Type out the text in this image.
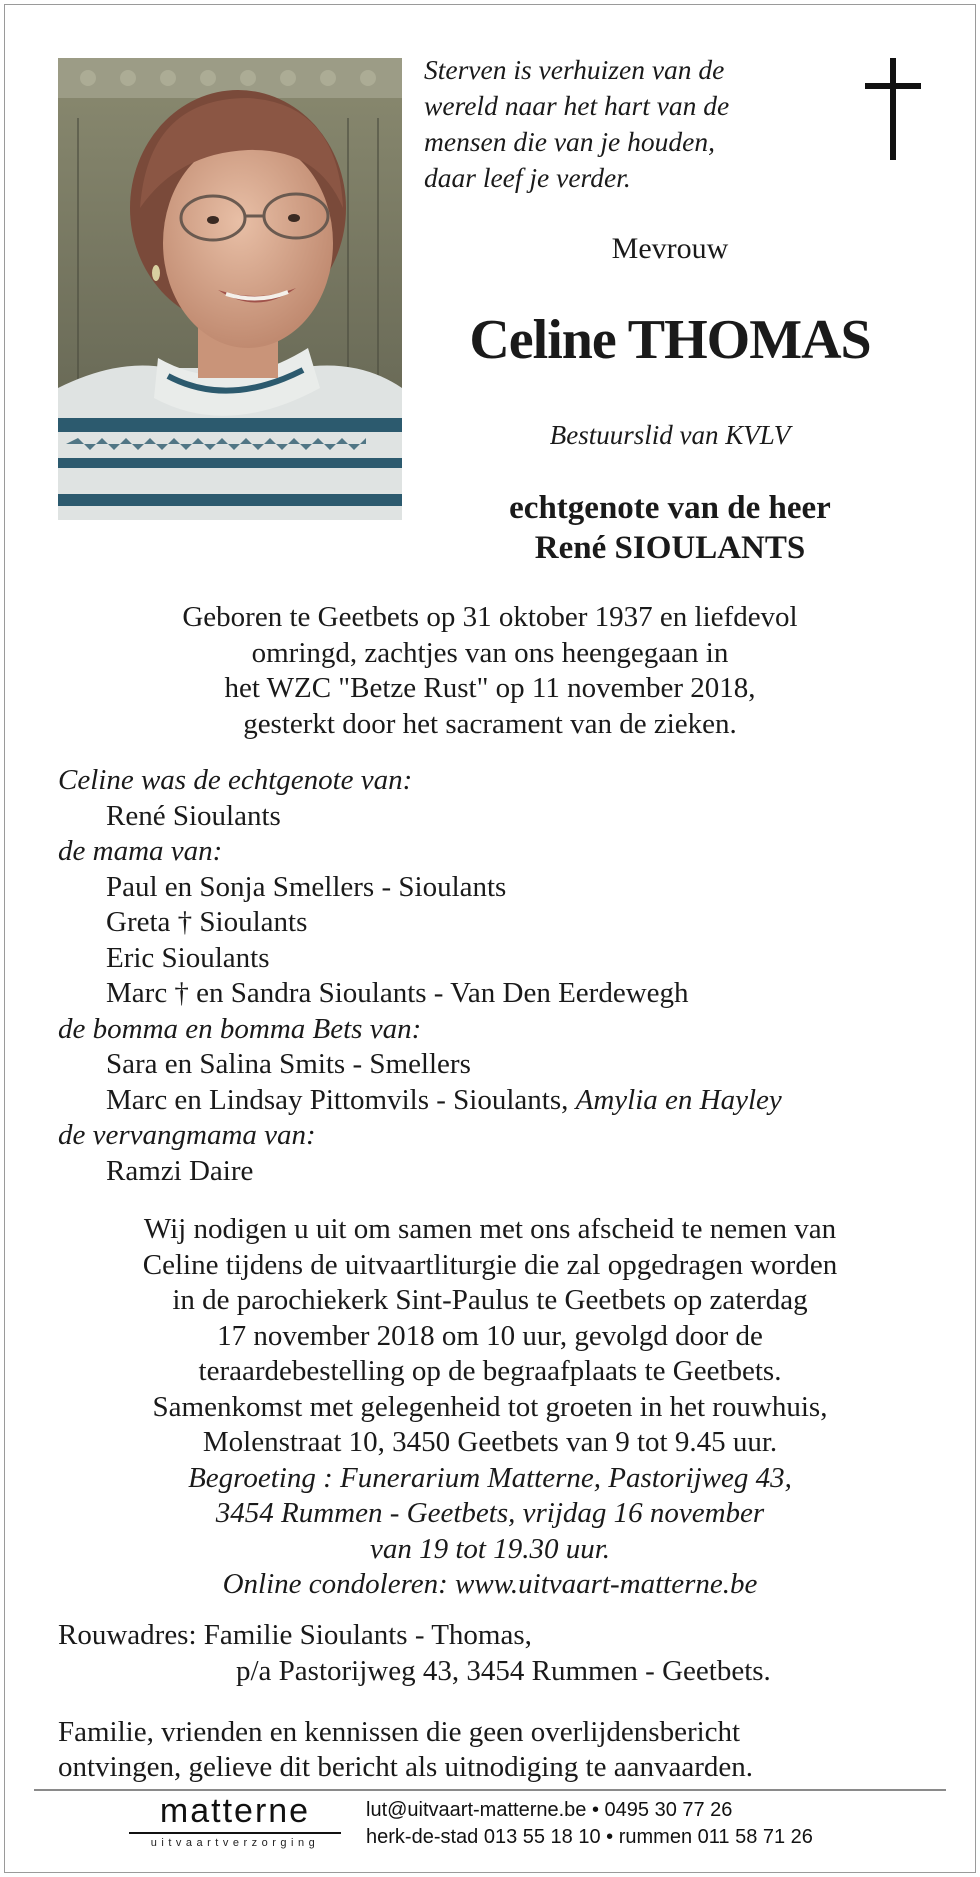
Sterven is verhuizen van de
wereld naar het hart van de
mensen die van je houden,
daar leef je verder.
Mevrouw
Celine THOMAS
Bestuurslid van KVLV
echtgenote van de heer
René SIOULANTS
Geboren te Geetbets op 31 oktober 1937 en liefdevol
omringd, zachtjes van ons heengegaan in
het WZC "Betze Rust" op 11 november 2018,
gesterkt door het sacrament van de zieken.
Celine was de echtgenote van:
René Sioulants
de mama van:
Paul en Sonja Smellers - Sioulants
Greta † Sioulants
Eric Sioulants
Marc † en Sandra Sioulants - Van Den Eerdewegh
de bomma en bomma Bets van:
Sara en Salina Smits - Smellers
Marc en Lindsay Pittomvils - Sioulants, Amylia en Hayley
de vervangmama van:
Ramzi Daire
Wij nodigen u uit om samen met ons afscheid te nemen van
Celine tijdens de uitvaartliturgie die zal opgedragen worden
in de parochiekerk Sint-Paulus te Geetbets op zaterdag
17 november 2018 om 10 uur, gevolgd door de
teraardebestelling op de begraafplaats te Geetbets.
Samenkomst met gelegenheid tot groeten in het rouwhuis,
Molenstraat 10, 3450 Geetbets van 9 tot 9.45 uur.
Begroeting : Funerarium Matterne, Pastorijweg 43,
3454 Rummen - Geetbets, vrijdag 16 november
van 19 tot 19.30 uur.
Online condoleren: www.uitvaart-matterne.be
Rouwadres: Familie Sioulants - Thomas,
p/a Pastorijweg 43, 3454 Rummen - Geetbets.
Familie, vrienden en kennissen die geen overlijdensbericht
ontvingen, gelieve dit bericht als uitnodiging te aanvaarden.
matterne
uitvaartverzorging
lut@uitvaart-matterne.be • 0495 30 77 26
herk-de-stad 013 55 18 10 • rummen 011 58 71 26
